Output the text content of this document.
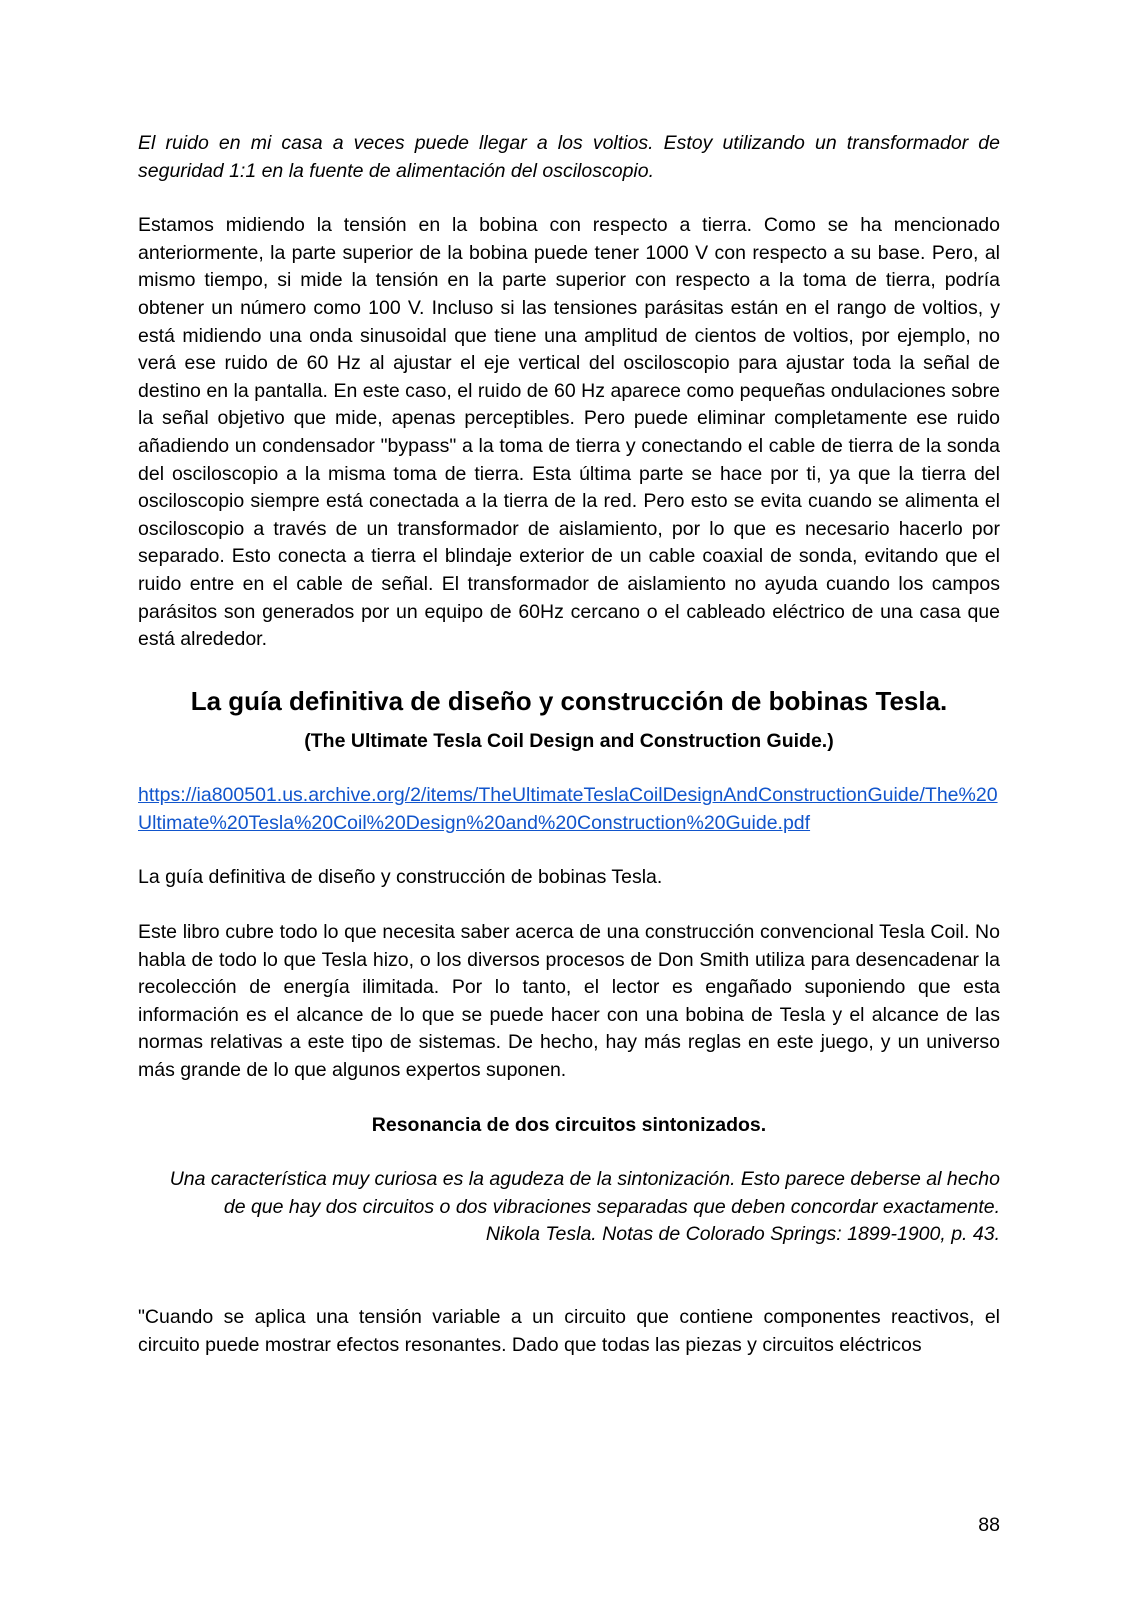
El ruido en mi casa a veces puede llegar a los voltios. Estoy utilizando un transformador de seguridad 1:1 en la fuente de alimentación del osciloscopio.

Estamos midiendo la tensión en la bobina con respecto a tierra. Como se ha mencionado anteriormente, la parte superior de la bobina puede tener 1000 V con respecto a su base. Pero, al mismo tiempo, si mide la tensión en la parte superior con respecto a la toma de tierra, podría obtener un número como 100 V. Incluso si las tensiones parásitas están en el rango de voltios, y está midiendo una onda sinusoidal que tiene una amplitud de cientos de voltios, por ejemplo, no verá ese ruido de 60 Hz al ajustar el eje vertical del osciloscopio para ajustar toda la señal de destino en la pantalla. En este caso, el ruido de 60 Hz aparece como pequeñas ondulaciones sobre la señal objetivo que mide, apenas perceptibles. Pero puede eliminar completamente ese ruido añadiendo un condensador "bypass" a la toma de tierra y conectando el cable de tierra de la sonda del osciloscopio a la misma toma de tierra. Esta última parte se hace por ti, ya que la tierra del osciloscopio siempre está conectada a la tierra de la red. Pero esto se evita cuando se alimenta el osciloscopio a través de un transformador de aislamiento, por lo que es necesario hacerlo por separado. Esto conecta a tierra el blindaje exterior de un cable coaxial de sonda, evitando que el ruido entre en el cable de señal. El transformador de aislamiento no ayuda cuando los campos parásitos son generados por un equipo de 60Hz cercano o el cableado eléctrico de una casa que está alrededor.

La guía definitiva de diseño y construcción de bobinas Tesla.
(The Ultimate Tesla Coil Design and Construction Guide.)

https://ia800501.us.archive.org/2/items/TheUltimateTeslaCoilDesignAndConstructionGuide/The%20Ultimate%20Tesla%20Coil%20Design%20and%20Construction%20Guide.pdf

La guía definitiva de diseño y construcción de bobinas Tesla.

Este libro cubre todo lo que necesita saber acerca de una construcción convencional Tesla Coil. No habla de todo lo que Tesla hizo, o los diversos procesos de Don Smith utiliza para desencadenar la recolección de energía ilimitada. Por lo tanto, el lector es engañado suponiendo que esta información es el alcance de lo que se puede hacer con una bobina de Tesla y el alcance de las normas relativas a este tipo de sistemas. De hecho, hay más reglas en este juego, y un universo más grande de lo que algunos expertos suponen.

Resonancia de dos circuitos sintonizados.
Una característica muy curiosa es la agudeza de la sintonización. Esto parece deberse al hecho de que hay dos circuitos o dos vibraciones separadas que deben concordar exactamente.
Nikola Tesla. Notas de Colorado Springs: 1899-1900, p. 43.

"Cuando se aplica una tensión variable a un circuito que contiene componentes reactivos, el circuito puede mostrar efectos resonantes. Dado que todas las piezas y circuitos eléctricos

88
